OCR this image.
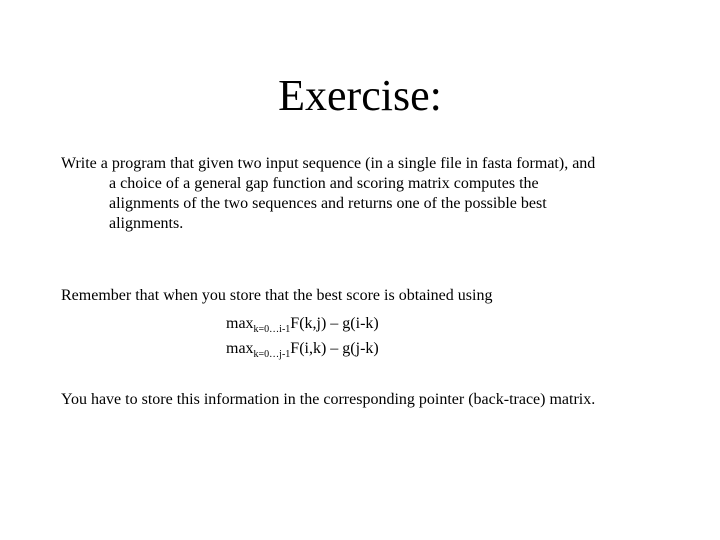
Exercise:
Write a program that given two input sequence (in a single file in fasta format), and
a choice of a general gap function and scoring matrix computes the
alignments of the two sequences and returns one of the possible best
alignments.
Remember that when you store that the best score is obtained using
$\max_{k=0\dots i-1}F(k,j) - g(i-k)$
$\max_{k=0\dots j-1}F(i,k) - g(j-k)$
You have to store this information in the corresponding pointer (back-trace) matrix.
